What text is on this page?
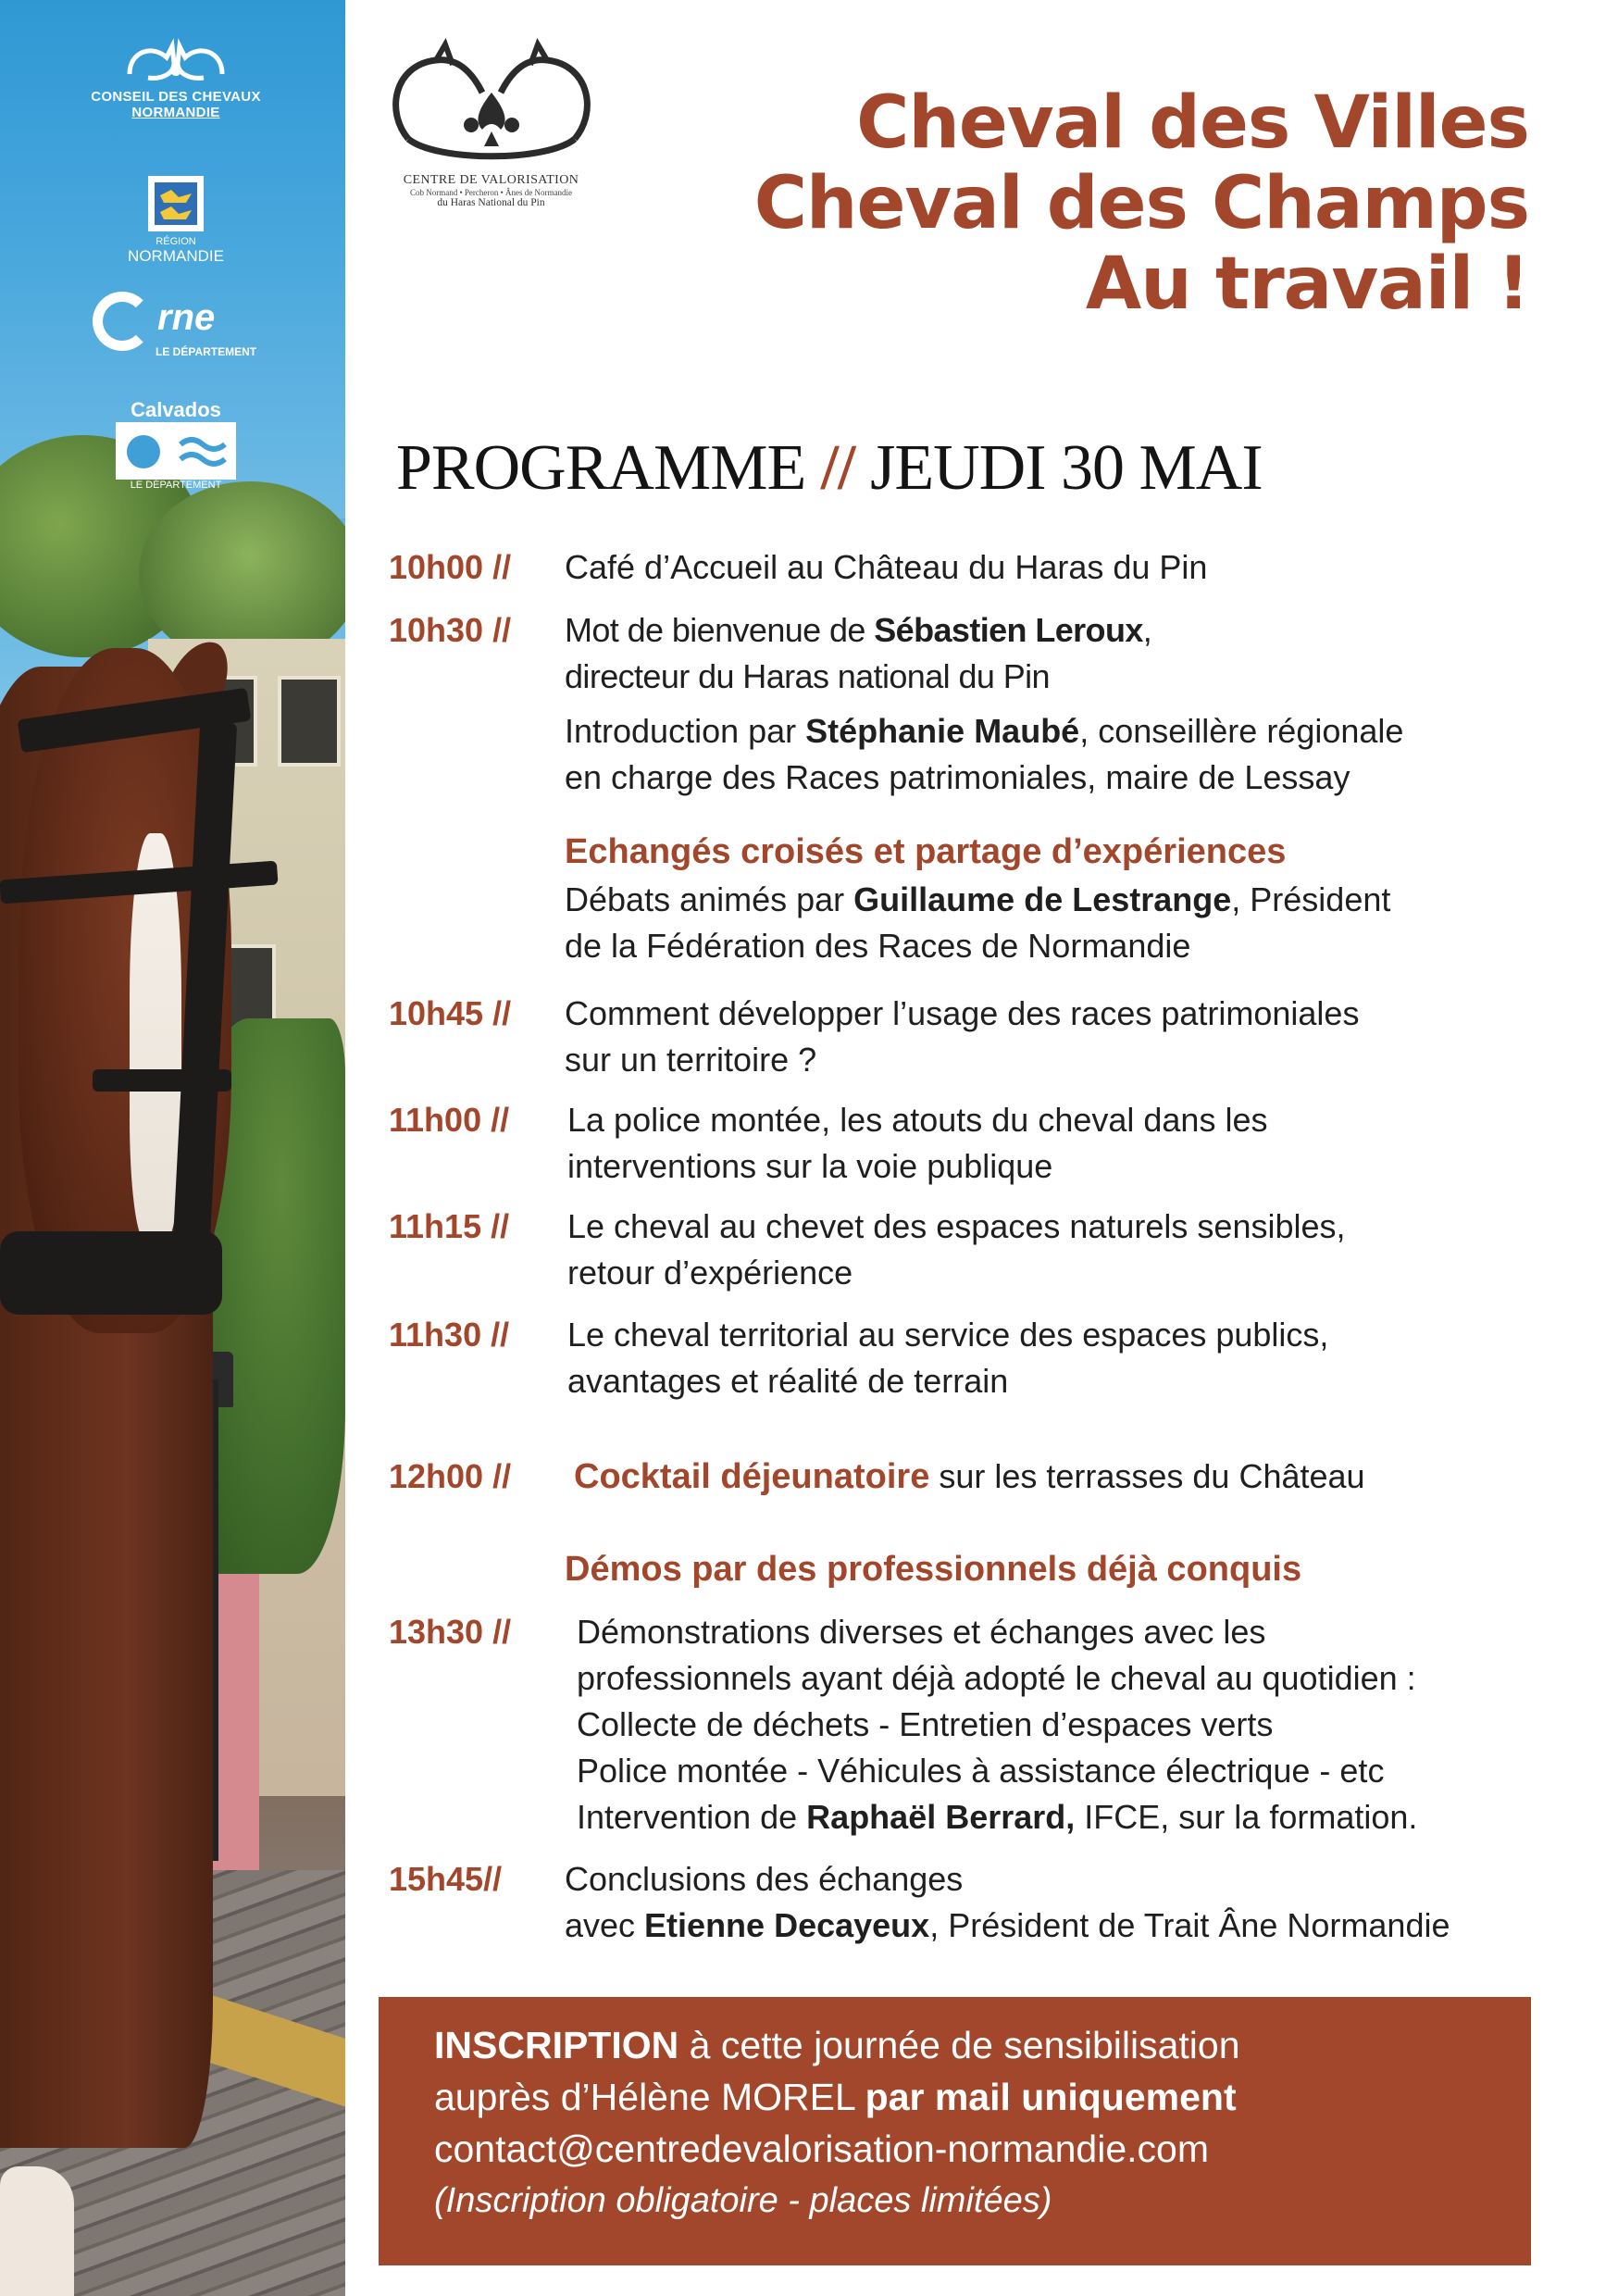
CONSEIL DES CHEVAUX
NORMANDIE
RÉGION
NORMANDIE
rne
LE DÉPARTEMENT
Calvados
LE DÉPARTEMENT
CENTRE DE VALORISATION
Cob Normand • Percheron • Ânes de Normandie
du Haras National du Pin
Cheval des Villes
Cheval des Champs
Au travail !
PROGRAMME // JEUDI 30 MAI
10h00 // Café d’Accueil au Château du Haras du Pin
10h30 // Mot de bienvenue de Sébastien Leroux,
directeur du Haras national du Pin
Introduction par Stéphanie Maubé, conseillère régionale
en charge des Races patrimoniales, maire de Lessay
Echangés croisés et partage d’expériences
Débats animés par Guillaume de Lestrange, Président
de la Fédération des Races de Normandie
10h45 // Comment développer l’usage des races patrimoniales
sur un territoire ?
11h00 // La police montée, les atouts du cheval dans les
interventions sur la voie publique
11h15 // Le cheval au chevet des espaces naturels sensibles,
retour d’expérience
11h30 // Le cheval territorial au service des espaces publics,
avantages et réalité de terrain
12h00 // Cocktail déjeunatoire sur les terrasses du Château
Démos par des professionnels déjà conquis
13h30 // Démonstrations diverses et échanges avec les
professionnels ayant déjà adopté le cheval au quotidien :
Collecte de déchets - Entretien d’espaces verts
Police montée - Véhicules à assistance électrique - etc
Intervention de Raphaël Berrard, IFCE, sur la formation.
15h45// Conclusions des échanges
avec Etienne Decayeux, Président de Trait Âne Normandie
INSCRIPTION à cette journée de sensibilisation
auprès d’Hélène MOREL par mail uniquement
contact@centredevalorisation-normandie.com
(Inscription obligatoire - places limitées)
